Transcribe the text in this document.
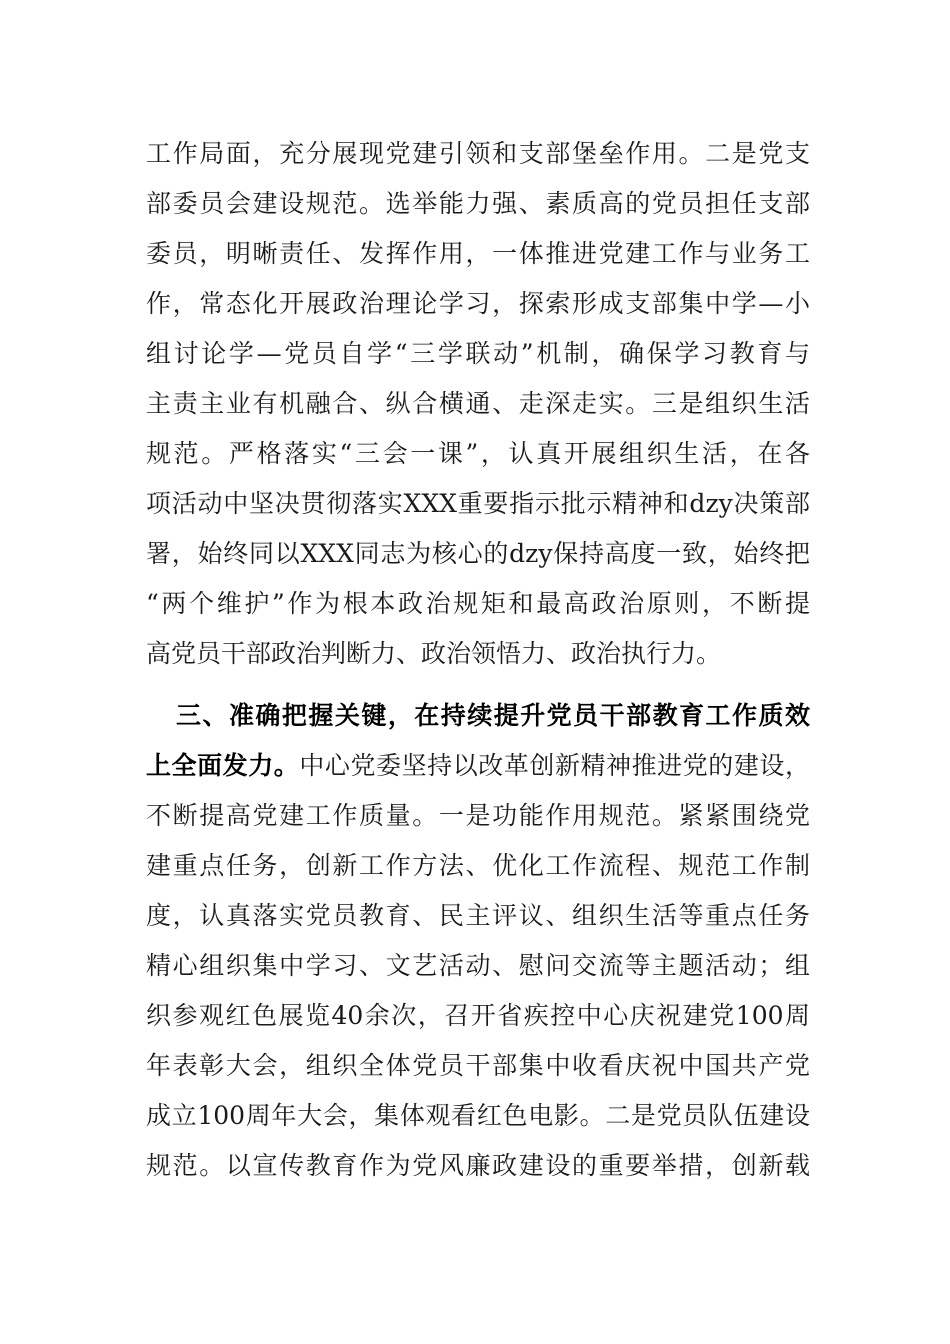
工作局面，充分展现党建引领和支部堡垒作用。二是党支
部委员会建设规范。选举能力强、素质高的党员担任支部
委员，明晰责任、发挥作用，一体推进党建工作与业务工
作，常态化开展政治理论学习，探索形成支部集中学—小
组讨论学—党员自学“三学联动”机制，确保学习教育与
主责主业有机融合、纵合横通、走深走实。三是组织生活
规范。严格落实“三会一课”，认真开展组织生活，在各
项活动中坚决贯彻落实XXX重要指示批示精神和dzy决策部
署，始终同以XXX同志为核心的dzy保持高度一致，始终把
“两个维护”作为根本政治规矩和最高政治原则，不断提
高党员干部政治判断力、政治领悟力、政治执行力。
三、准确把握关键，在持续提升党员干部教育工作质效
上全面发力。中心党委坚持以改革创新精神推进党的建设，
不断提高党建工作质量。一是功能作用规范。紧紧围绕党
建重点任务，创新工作方法、优化工作流程、规范工作制
度，认真落实党员教育、民主评议、组织生活等重点任务
精心组织集中学习、文艺活动、慰问交流等主题活动；组
织参观红色展览40余次，召开省疾控中心庆祝建党100周
年表彰大会，组织全体党员干部集中收看庆祝中国共产党
成立100周年大会，集体观看红色电影。二是党员队伍建设
规范。以宣传教育作为党风廉政建设的重要举措，创新载
